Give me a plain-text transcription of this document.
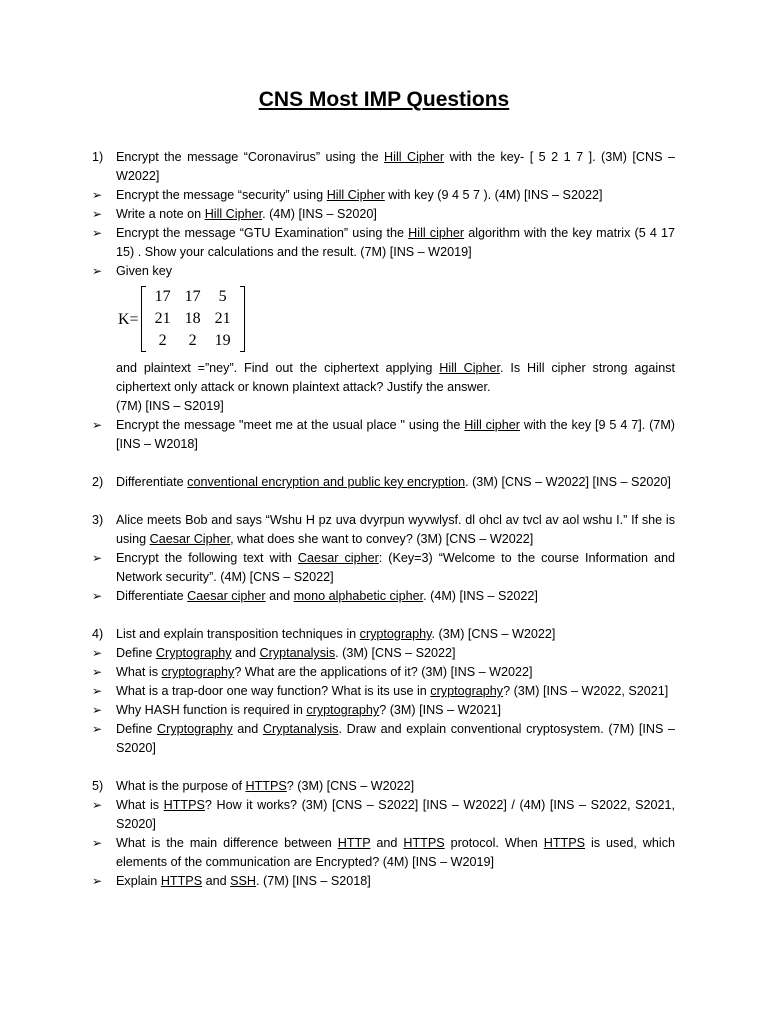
CNS Most IMP Questions
1)	Encrypt the message “Coronavirus” using the Hill Cipher with the key- [ 5 2 1 7 ]. (3M) [CNS – W2022]
➢	Encrypt the message “security” using Hill Cipher with key (9 4 5 7 ). (4M) [INS – S2022]
➢	Write a note on Hill Cipher. (4M) [INS – S2020]
➢	Encrypt the message “GTU Examination” using the Hill cipher algorithm with the key matrix (5 4 17 15) . Show your calculations and the result. (7M) [INS – W2019]
➢	Given key
K=
17 17	5
21 18 21
2	2	19
and plaintext =”ney”. Find out the ciphertext applying Hill Cipher. Is Hill cipher strong against ciphertext only attack or known plaintext attack? Justify the answer.
(7M) [INS – S2019]
➢	Encrypt the message "meet me at the usual place " using the Hill cipher with the key [9 5 4 7]. (7M) [INS – W2018]
2)	Differentiate conventional encryption and public key encryption. (3M) [CNS – W2022] [INS – S2020]
3)	Alice meets Bob and says “Wshu H pz uva dvyrpun wyvwlysf. dl ohcl av tvcl av aol wshu I.” If she is using Caesar Cipher, what does she want to convey? (3M) [CNS – W2022]
➢	Encrypt the following text with Caesar cipher: (Key=3) “Welcome to the course Information and Network security”. (4M) [CNS – S2022]
➢	Differentiate Caesar cipher and mono alphabetic cipher. (4M) [INS – S2022]
4)	List and explain transposition techniques in cryptography. (3M) [CNS – W2022]
➢	Define Cryptography and Cryptanalysis. (3M) [CNS – S2022]
➢	What is cryptography? What are the applications of it? (3M) [INS – W2022]
➢	What is a trap-door one way function? What is its use in cryptography? (3M) [INS – W2022, S2021]
➢	Why HASH function is required in cryptography? (3M) [INS – W2021]
➢	Define Cryptography and Cryptanalysis. Draw and explain conventional cryptosystem. (7M) [INS – S2020]
5)	What is the purpose of HTTPS? (3M) [CNS – W2022]
➢	What is HTTPS? How it works? (3M) [CNS – S2022] [INS – W2022] / (4M) [INS – S2022, S2021, S2020]
➢	What is the main difference between HTTP and HTTPS protocol. When HTTPS is used, which elements of the communication are Encrypted? (4M) [INS – W2019]
➢	Explain HTTPS and SSH. (7M) [INS – S2018]
